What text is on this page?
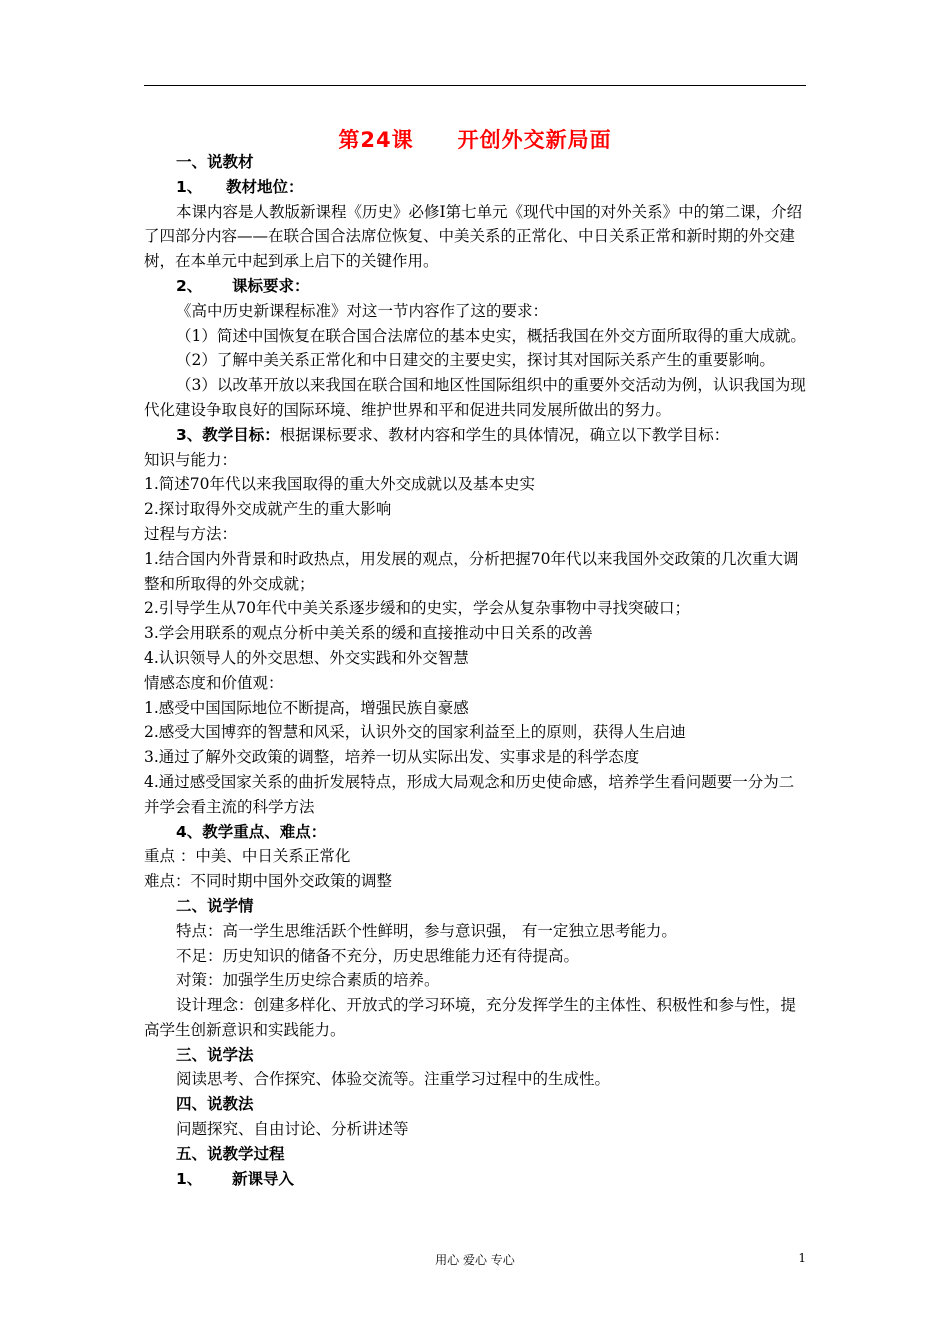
第24课 开创外交新局面

一、说教材

1、 教材地位：

本课内容是人教版新课程《历史》必修Ⅰ第七单元《现代中国的对外关系》中的第二课，介绍了四部分内容——在联合国合法席位恢复、中美关系的正常化、中日关系正常和新时期的外交建树，在本单元中起到承上启下的关键作用。

2、 课标要求：

《高中历史新课程标准》对这一节内容作了这的要求：

（1）简述中国恢复在联合国合法席位的基本史实，概括我国在外交方面所取得的重大成就。

（2）了解中美关系正常化和中日建交的主要史实，探讨其对国际关系产生的重要影响。

（3）以改革开放以来我国在联合国和地区性国际组织中的重要外交活动为例，认识我国为现代化建设争取良好的国际环境、维护世界和平和促进共同发展所做出的努力。

3、教学目标：根据课标要求、教材内容和学生的具体情况，确立以下教学目标：

知识与能力：

1.简述70年代以来我国取得的重大外交成就以及基本史实

2.探讨取得外交成就产生的重大影响

过程与方法：

1.结合国内外背景和时政热点，用发展的观点，分析把握70年代以来我国外交政策的几次重大调整和所取得的外交成就；

2.引导学生从70年代中美关系逐步缓和的史实，学会从复杂事物中寻找突破口；

3.学会用联系的观点分析中美关系的缓和直接推动中日关系的改善

4.认识领导人的外交思想、外交实践和外交智慧

情感态度和价值观：

1.感受中国国际地位不断提高，增强民族自豪感

2.感受大国博弈的智慧和风采，认识外交的国家利益至上的原则，获得人生启迪

3.通过了解外交政策的调整，培养一切从实际出发、实事求是的科学态度

4.通过感受国家关系的曲折发展特点，形成大局观念和历史使命感，培养学生看问题要一分为二并学会看主流的科学方法

4、教学重点、难点：

重点 ：中美、中日关系正常化

难点：不同时期中国外交政策的调整

二、说学情

特点：高一学生思维活跃个性鲜明，参与意识强， 有一定独立思考能力。

不足：历史知识的储备不充分，历史思维能力还有待提高。

对策：加强学生历史综合素质的培养。

设计理念：创建多样化、开放式的学习环境，充分发挥学生的主体性、积极性和参与性，提高学生创新意识和实践能力。

三、说学法

阅读思考、合作探究、体验交流等。注重学习过程中的生成性。

四、说教法

问题探究、自由讨论、分析讲述等

五、说教学过程

1、 新课导入

用心 爱心 专心	1
